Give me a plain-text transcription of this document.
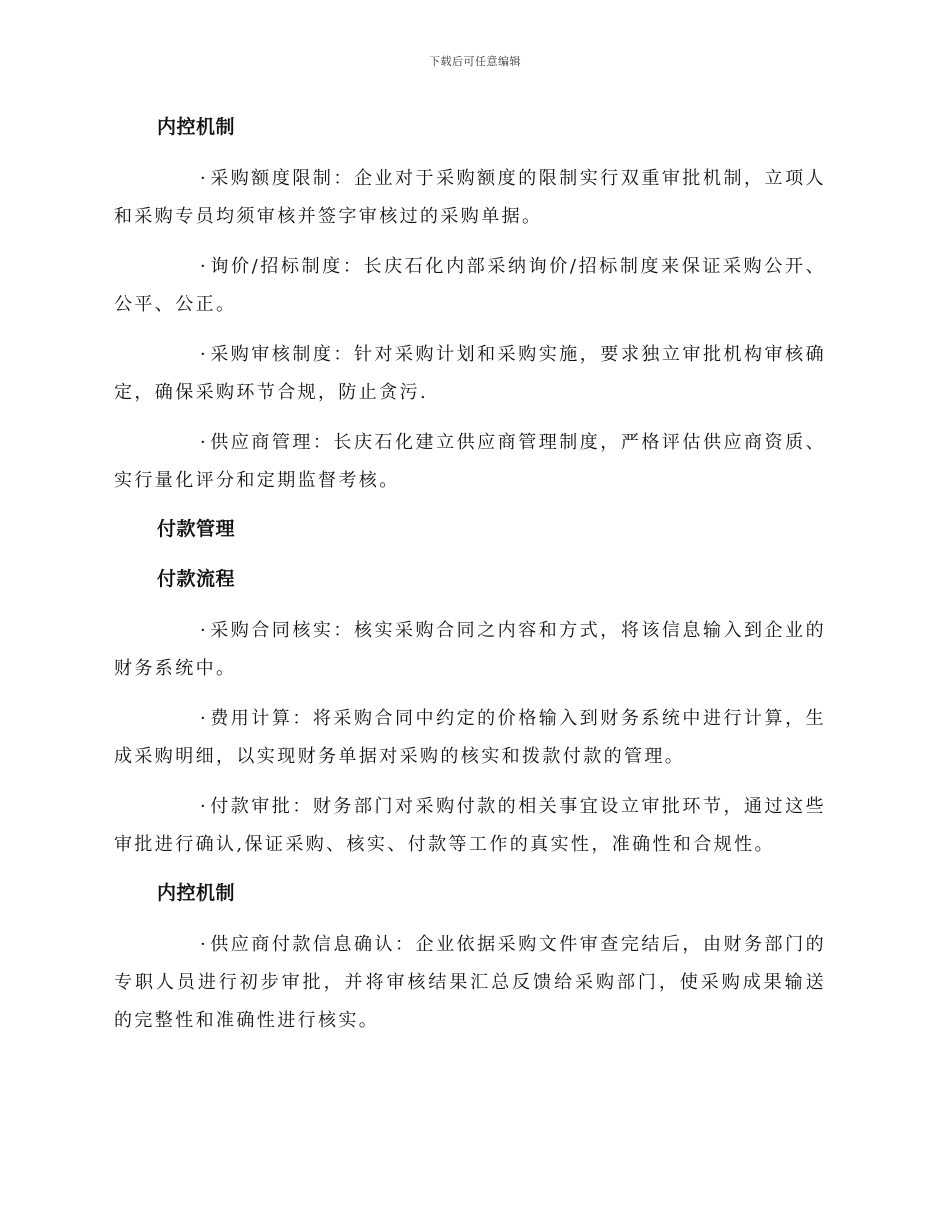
下载后可任意编辑
内控机制

· 采购额度限制：企业对于采购额度的限制实行双重审批机制，立项人和采购专员均须审核并签字审核过的采购单据。

· 询价/招标制度：长庆石化内部采纳询价/招标制度来保证采购公开、公平、公正。

· 采购审核制度：针对采购计划和采购实施，要求独立审批机构审核确定，确保采购环节合规，防止贪污.

· 供应商管理：长庆石化建立供应商管理制度，严格评估供应商资质、实行量化评分和定期监督考核。

付款管理
付款流程

· 采购合同核实：核实采购合同之内容和方式，将该信息输入到企业的财务系统中。

· 费用计算：将采购合同中约定的价格输入到财务系统中进行计算，生成采购明细，以实现财务单据对采购的核实和拨款付款的管理。

· 付款审批：财务部门对采购付款的相关事宜设立审批环节，通过这些审批进行确认,保证采购、核实、付款等工作的真实性，准确性和合规性。

内控机制

· 供应商付款信息确认：企业依据采购文件审查完结后，由财务部门的专职人员进行初步审批，并将审核结果汇总反馈给采购部门，使采购成果输送的完整性和准确性进行核实。
